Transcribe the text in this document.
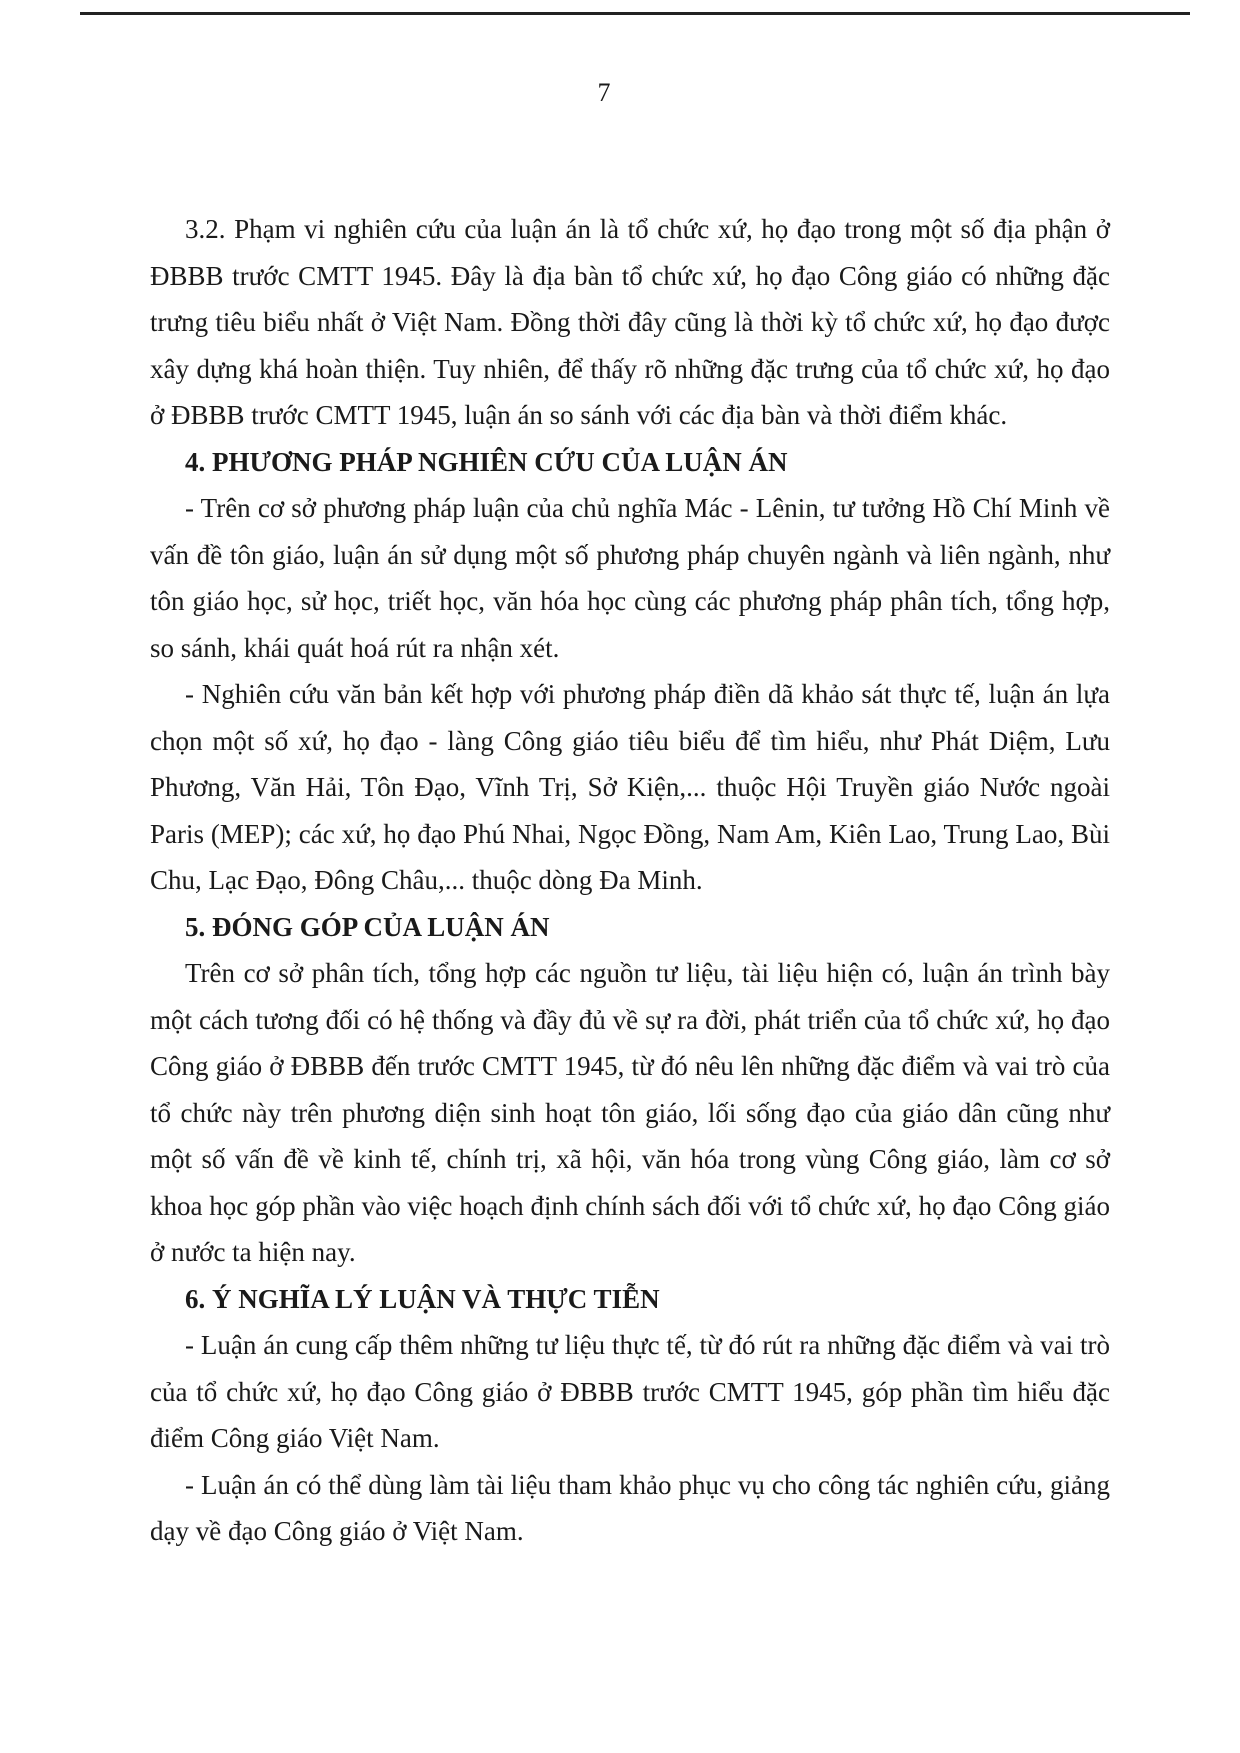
7

3.2. Phạm vi nghiên cứu của luận án là tổ chức xứ, họ đạo trong một số địa phận ở ĐBBB trước CMTT 1945. Đây là địa bàn tổ chức xứ, họ đạo Công giáo có những đặc trưng tiêu biểu nhất ở Việt Nam. Đồng thời đây cũng là thời kỳ tổ chức xứ, họ đạo được xây dựng khá hoàn thiện. Tuy nhiên, để thấy rõ những đặc trưng của tổ chức xứ, họ đạo ở ĐBBB trước CMTT 1945, luận án so sánh với các địa bàn và thời điểm khác.

4. PHƯƠNG PHÁP NGHIÊN CỨU CỦA LUẬN ÁN

- Trên cơ sở phương pháp luận của chủ nghĩa Mác - Lênin, tư tưởng Hồ Chí Minh về vấn đề tôn giáo, luận án sử dụng một số phương pháp chuyên ngành và liên ngành, như tôn giáo học, sử học, triết học, văn hóa học cùng các phương pháp phân tích, tổng hợp, so sánh, khái quát hoá rút ra nhận xét.

- Nghiên cứu văn bản kết hợp với phương pháp điền dã khảo sát thực tế, luận án lựa chọn một số xứ, họ đạo - làng Công giáo tiêu biểu để tìm hiểu, như Phát Diệm, Lưu Phương, Văn Hải, Tôn Đạo, Vĩnh Trị, Sở Kiện,... thuộc Hội Truyền giáo Nước ngoài Paris (MEP); các xứ, họ đạo Phú Nhai, Ngọc Đồng, Nam Am, Kiên Lao, Trung Lao, Bùi Chu, Lạc Đạo, Đông Châu,... thuộc dòng Đa Minh.

5. ĐÓNG GÓP CỦA LUẬN ÁN

Trên cơ sở phân tích, tổng hợp các nguồn tư liệu, tài liệu hiện có, luận án trình bày một cách tương đối có hệ thống và đầy đủ về sự ra đời, phát triển của tổ chức xứ, họ đạo Công giáo ở ĐBBB đến trước CMTT 1945, từ đó nêu lên những đặc điểm và vai trò của tổ chức này trên phương diện sinh hoạt tôn giáo, lối sống đạo của giáo dân cũng như một số vấn đề về kinh tế, chính trị, xã hội, văn hóa trong vùng Công giáo, làm cơ sở khoa học góp phần vào việc hoạch định chính sách đối với tổ chức xứ, họ đạo Công giáo ở nước ta hiện nay.

6. Ý NGHĨA LÝ LUẬN VÀ THỰC TIỄN

- Luận án cung cấp thêm những tư liệu thực tế, từ đó rút ra những đặc điểm và vai trò của tổ chức xứ, họ đạo Công giáo ở ĐBBB trước CMTT 1945, góp phần tìm hiểu đặc điểm Công giáo Việt Nam.

- Luận án có thể dùng làm tài liệu tham khảo phục vụ cho công tác nghiên cứu, giảng dạy về đạo Công giáo ở Việt Nam.
